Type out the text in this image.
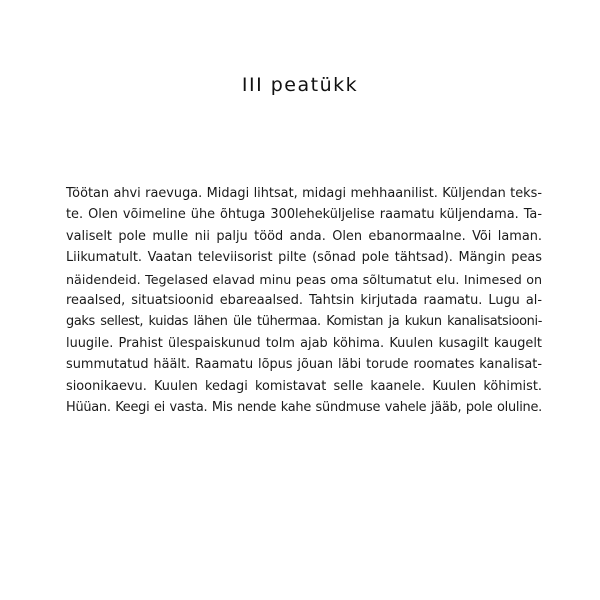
III peatükk
Töötan ahvi raevuga. Midagi lihtsat, midagi mehhaanilist. Küljendan teks-
te. Olen võimeline ühe õhtuga 300leheküljelise raamatu küljendama. Ta-
valiselt pole mulle nii palju tööd anda. Olen ebanormaalne. Või laman.
Liikumatult. Vaatan televiisorist pilte (sõnad pole tähtsad). Mängin peas
näidendeid. Tegelased elavad minu peas oma sõltumatut elu. Inimesed on
reaalsed, situatsioonid ebareaalsed. Tahtsin kirjutada raamatu. Lugu al-
gaks sellest, kuidas lähen üle tühermaa. Komistan ja kukun kanalisatsiooni-
luugile. Prahist ülespaiskunud tolm ajab köhima. Kuulen kusagilt kaugelt
summutatud häält. Raamatu lõpus jõuan läbi torude roomates kanalisat-
sioonikaevu. Kuulen kedagi komistavat selle kaanele. Kuulen köhimist.
Hüüan. Keegi ei vasta. Mis nende kahe sündmuse vahele jääb, pole oluline.
